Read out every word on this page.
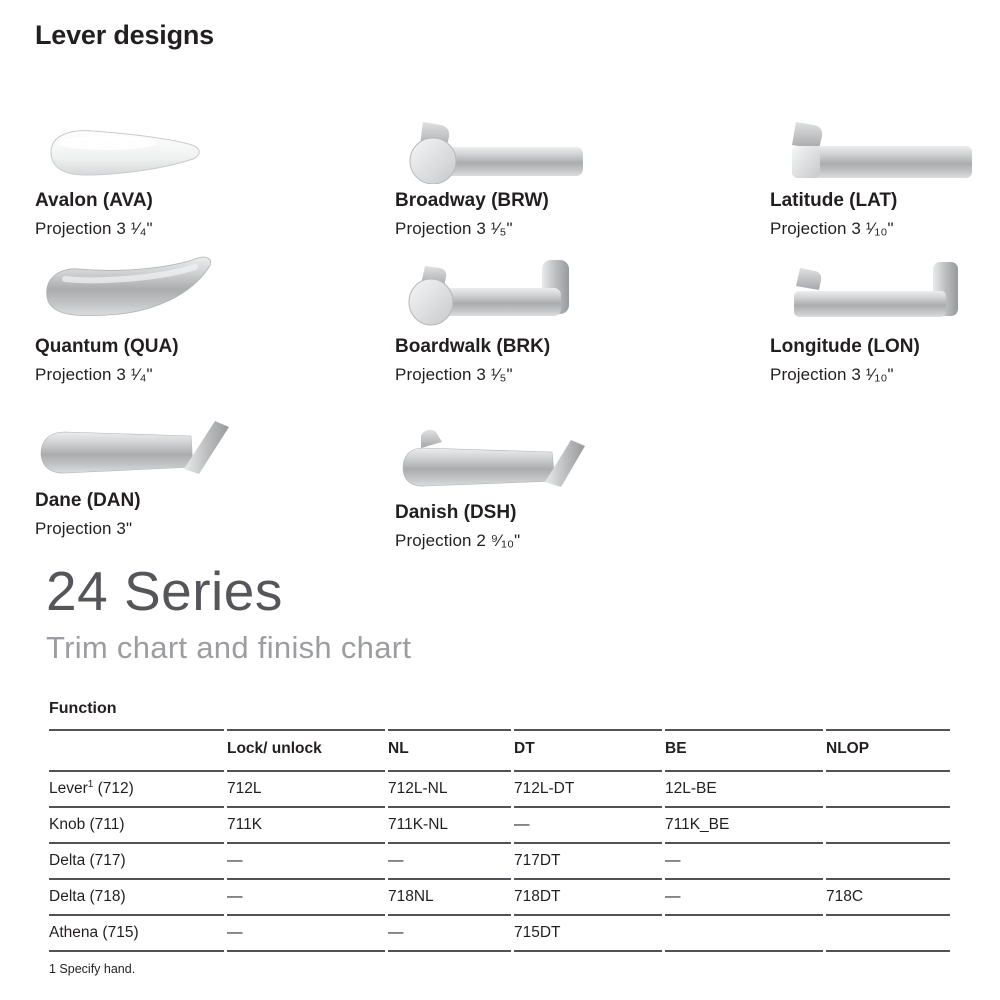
Lever designs
Avalon (AVA)
Projection 3 ¹⁄₄"
Broadway (BRW)
Projection 3 ¹⁄₅"
Latitude (LAT)
Projection 3 ¹⁄₁₀"
Quantum (QUA)
Projection 3 ¹⁄₄"
Boardwalk (BRK)
Projection 3 ¹⁄₅"
Longitude (LON)
Projection 3 ¹⁄₁₀"
Dane (DAN)
Projection 3"
Danish (DSH)
Projection 2 ⁹⁄₁₀"
24 Series
Trim chart and finish chart
Function
	Lock/ unlock	NL	DT	BE	NLOP
Lever$^1$ (712)	712L	712L-NL	712L-DT	12L-BE	
Knob (711)	711K	711K-NL	—	711K_BE	
Delta (717)	—	—	717DT	—	
Delta (718)	—	718NL	718DT	—	718C
Athena (715)	—	—	715DT		
1 Specify hand.
